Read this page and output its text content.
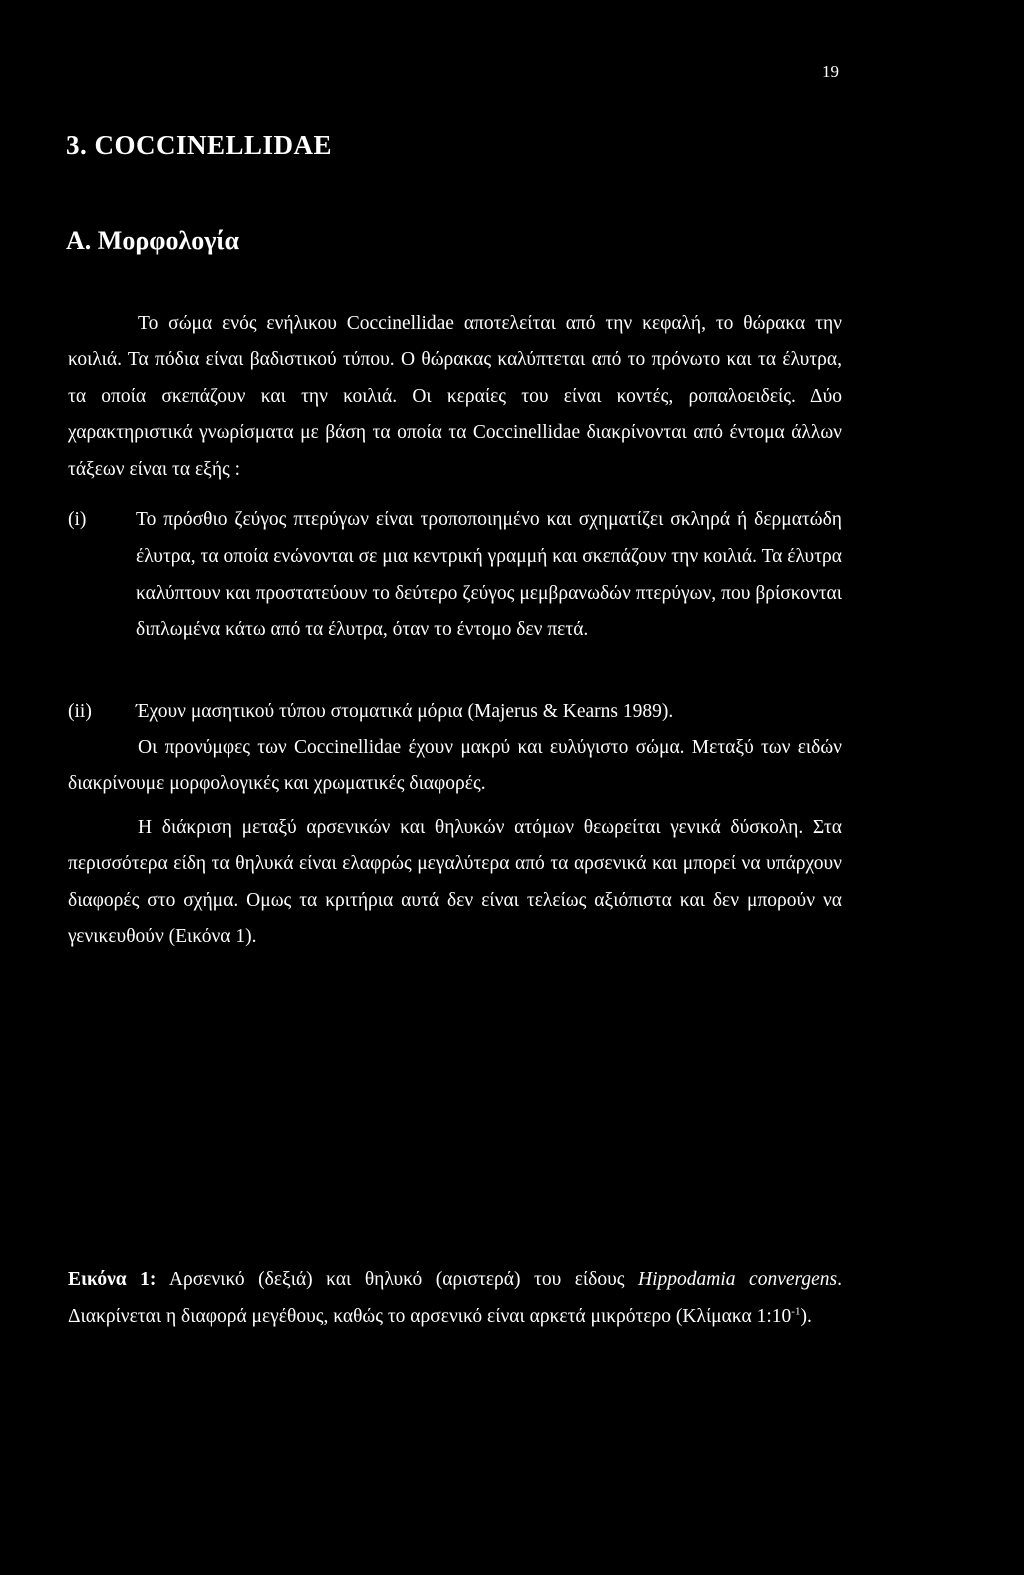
19
3. COCCINELLIDAE
Α. Μορφολογία

Το σώμα ενός ενήλικου Coccinellidae αποτελείται από την κεφαλή, το θώρακα την κοιλιά. Τα πόδια είναι βαδιστικού τύπου. Ο θώρακας καλύπτεται από το πρόνωτο και τα έλυτρα, τα οποία σκεπάζουν και την κοιλιά. Οι κεραίες του είναι κοντές, ροπαλοειδείς. Δύο χαρακτηριστικά γνωρίσματα με βάση τα οποία τα Coccinellidae διακρίνονται από έντομα άλλων τάξεων είναι τα εξής :

(i)	Το πρόσθιο ζεύγος πτερύγων είναι τροποποιημένο και σχηματίζει σκληρά ή δερματώδη έλυτρα, τα οποία ενώνονται σε μια κεντρική γραμμή και σκεπάζουν την κοιλιά. Τα έλυτρα καλύπτουν και προστατεύουν το δεύτερο ζεύγος μεμβρανωδών πτερύγων, που βρίσκονται διπλωμένα κάτω από τα έλυτρα, όταν το έντομο δεν πετά.
(ii) Έχουν μασητικού τύπου στοματικά μόρια (Majerus & Kearns 1989).

Οι προνύμφες των Coccinellidae έχουν μακρύ και ευλύγιστο σώμα. Μεταξύ των ειδών διακρίνουμε μορφολογικές και χρωματικές διαφορές.

Η διάκριση μεταξύ αρσενικών και θηλυκών ατόμων θεωρείται γενικά δύσκολη. Στα περισσότερα είδη τα θηλυκά είναι ελαφρώς μεγαλύτερα από τα αρσενικά και μπορεί να υπάρχουν διαφορές στο σχήμα. Ομως τα κριτήρια αυτά δεν είναι τελείως αξιόπιστα και δεν μπορούν να γενικευθούν (Εικόνα 1).

Εικόνα 1: Αρσενικό (δεξιά) και θηλυκό (αριστερά) του είδους Hippodamia convergens. Διακρίνεται η διαφορά μεγέθους, καθώς το αρσενικό είναι αρκετά μικρότερο (Κλίμακα $1:10^{-1}$).
